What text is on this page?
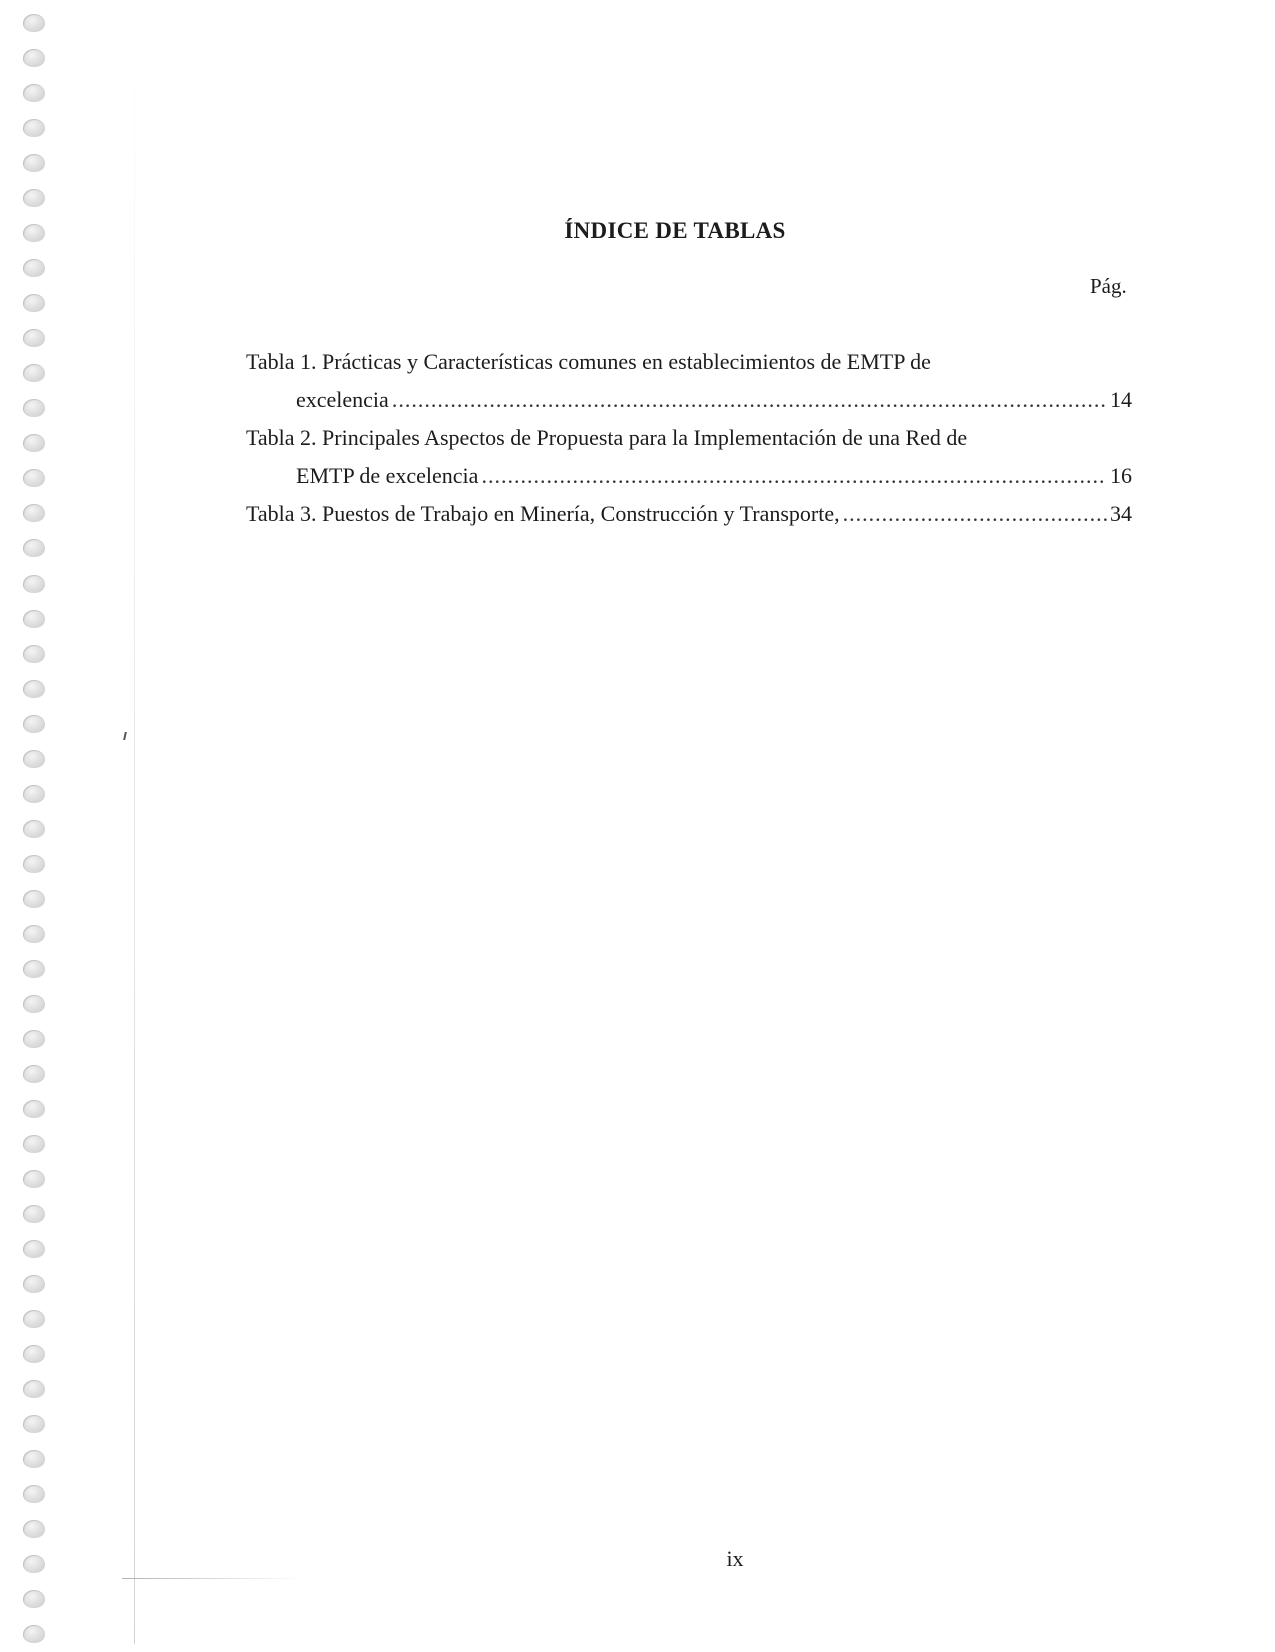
ÍNDICE DE TABLAS
Pág.
Tabla 1. Prácticas y Características comunes en establecimientos de EMTP de
excelencia .....	14
Tabla 2. Principales Aspectos de Propuesta para la Implementación de una Red de
EMTP de excelencia .....	16
Tabla 3. Puestos de Trabajo en Minería, Construcción y Transporte, .....	34
ix
